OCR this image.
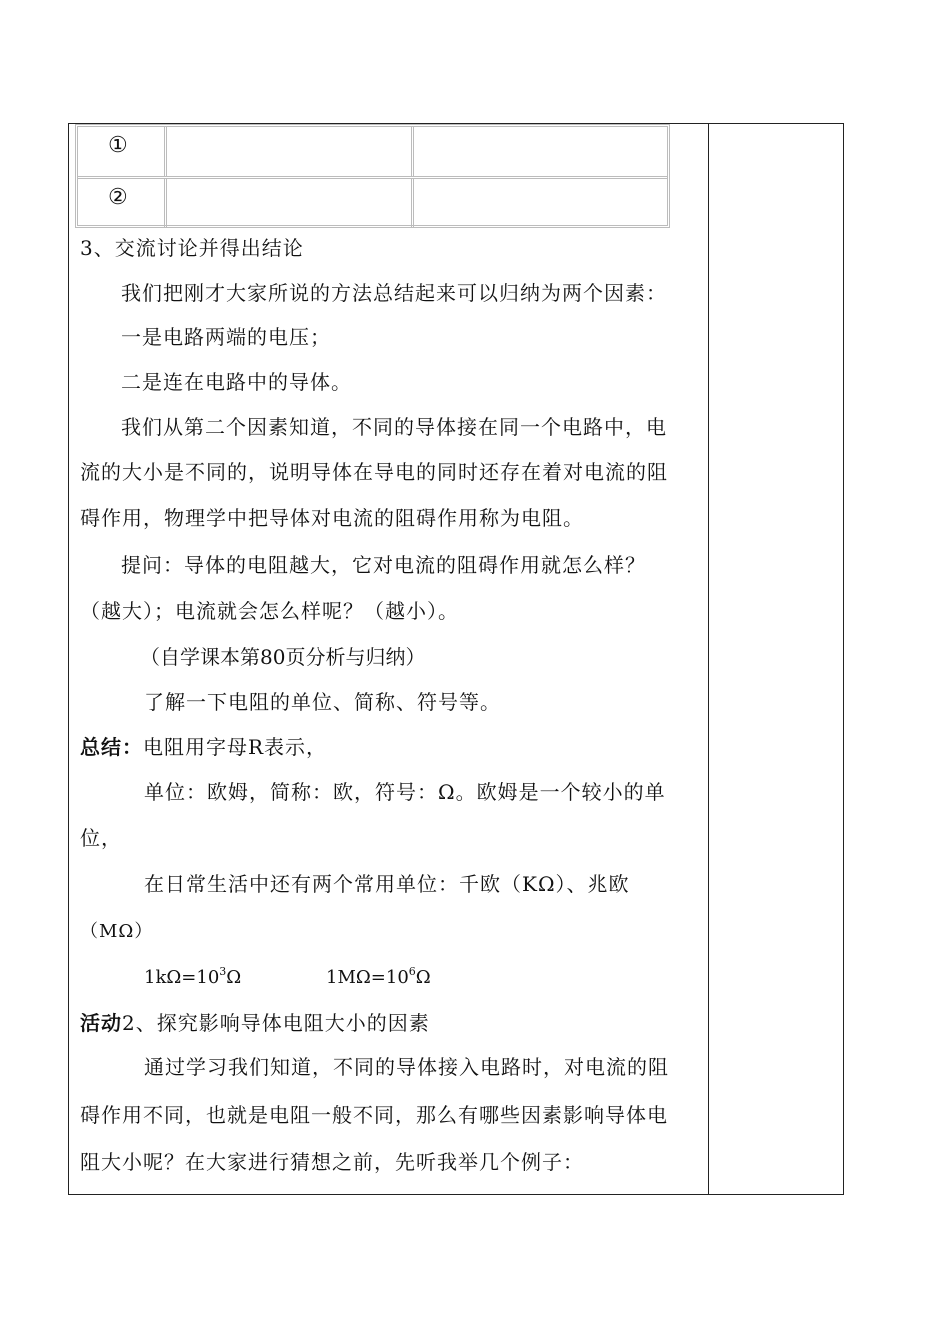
①
②
3、交流讨论并得出结论
我们把刚才大家所说的方法总结起来可以归纳为两个因素：
一是电路两端的电压；
二是连在电路中的导体。
我们从第二个因素知道，不同的导体接在同一个电路中，电
流的大小是不同的，说明导体在导电的同时还存在着对电流的阻
碍作用，物理学中把导体对电流的阻碍作用称为电阻。
提问：导体的电阻越大，它对电流的阻碍作用就怎么样？
（越大）；电流就会怎么样呢？（越小）。
（自学课本第80页分析与归纳）
了解一下电阻的单位、简称、符号等。
总结：电阻用字母R表示，
单位：欧姆，简称：欧，符号：Ω。欧姆是一个较小的单
位，
在日常生活中还有两个常用单位：千欧（KΩ）、兆欧
（MΩ）
$1k\Omega=10^3\Omega$	$1M\Omega=10^6\Omega$
活动2、探究影响导体电阻大小的因素
通过学习我们知道，不同的导体接入电路时，对电流的阻
碍作用不同，也就是电阻一般不同，那么有哪些因素影响导体电
阻大小呢？在大家进行猜想之前，先听我举几个例子：
